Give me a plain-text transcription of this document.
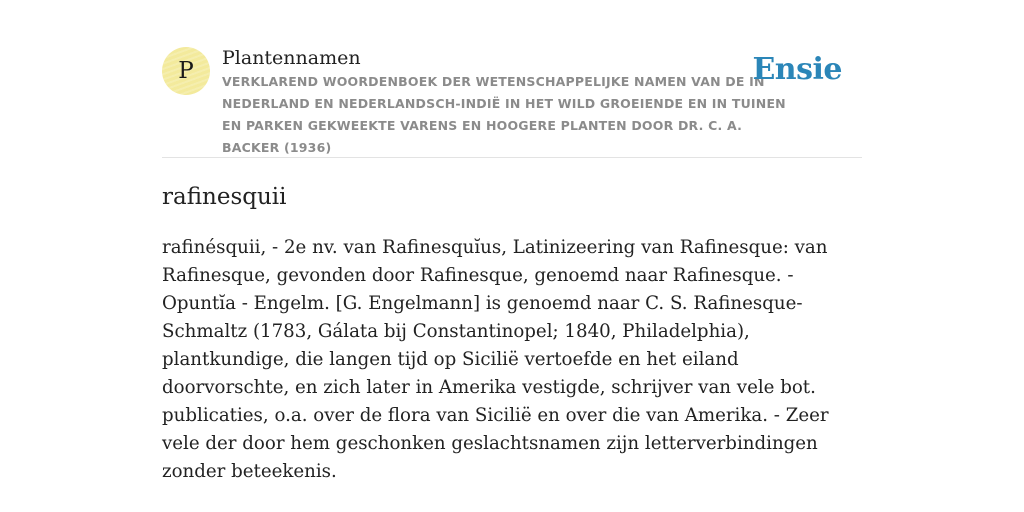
P Plantennamen
VERKLAREND WOORDENBOEK DER WETENSCHAPPELIJKE NAMEN VAN DE IN NEDERLAND EN NEDERLANDSCH-INDIË IN HET WILD GROEIENDE EN IN TUINEN EN PARKEN GEKWEEKTE VARENS EN HOOGERE PLANTEN DOOR DR. C. A. BACKER (1936)
Ensie
rafinesquii

rafinésquii, - 2e nv. van Rafinesquĭus, Latinizeering van Rafinesque: van Rafinesque, gevonden door Rafinesque, genoemd naar Rafinesque. - Opuntĭa - Engelm. [G. Engelmann] is genoemd naar C. S. Rafinesque-Schmaltz (1783, Gálata bij Constantinopel; 1840, Philadelphia), plantkundige, die langen tijd op Sicilië vertoefde en het eiland doorvorschte, en zich later in Amerika vestigde, schrijver van vele bot. publicaties, o.a. over de flora van Sicilië en over die van Amerika. - Zeer vele der door hem geschonken geslachtsnamen zijn letterverbindingen zonder beteekenis.
